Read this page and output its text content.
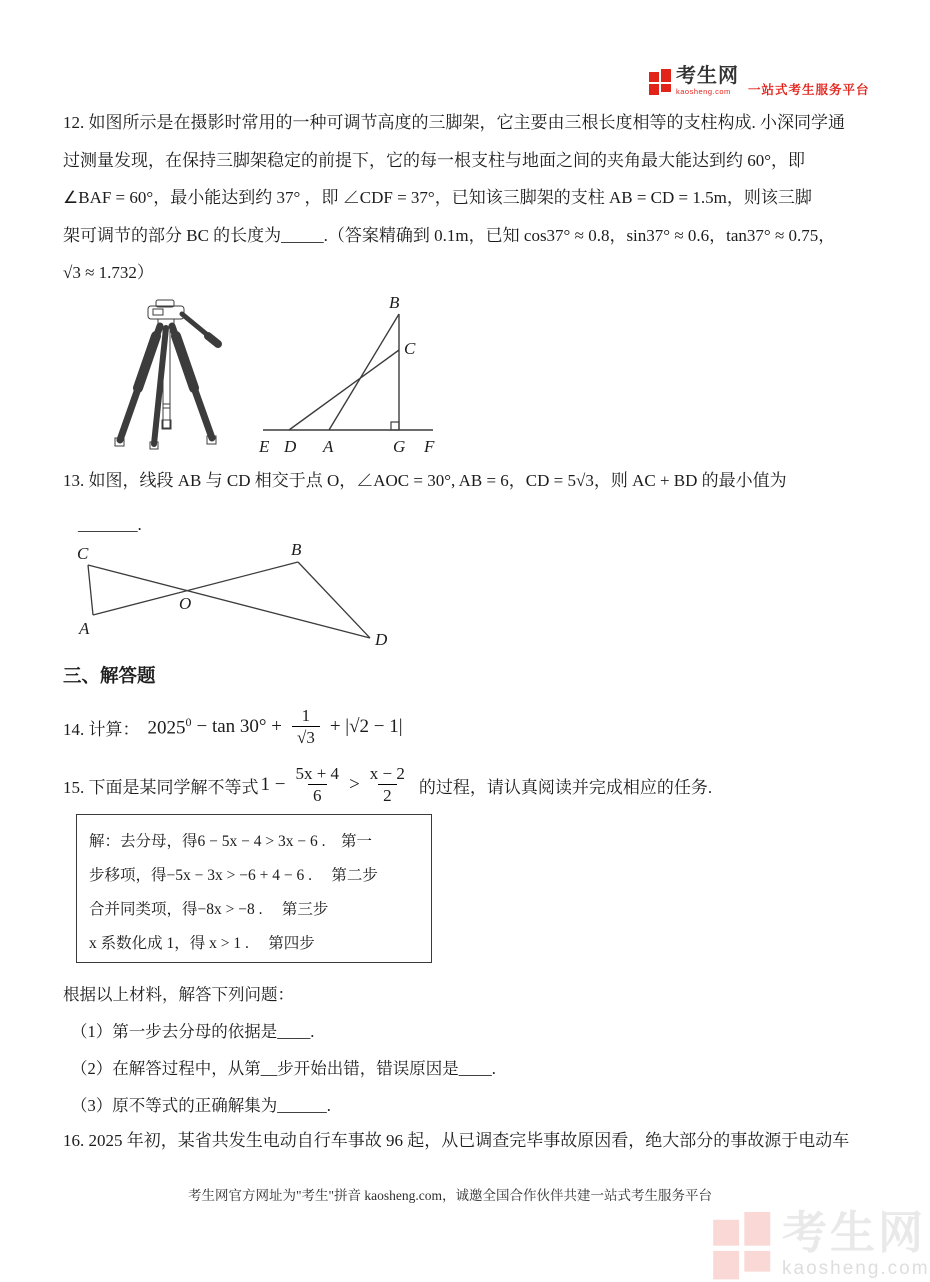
考生网
kaosheng.com	一站式考生服务平台
12. 如图所示是在摄影时常用的一种可调节高度的三脚架，它主要由三根长度相等的支柱构成. 小深同学通
过测量发现，在保持三脚架稳定的前提下，它的每一根支柱与地面之间的夹角最大能达到约 60°，即
∠BAF = 60°，最小能达到约 37° ，即 ∠CDF = 37°，已知该三脚架的支柱 AB = CD = 1.5m，则该三脚
架可调节的部分 BC 的长度为_____.（答案精确到 0.1m，已知 cos37° ≈ 0.8，sin37° ≈ 0.6，tan37° ≈ 0.75，
√3 ≈ 1.732）
B
C
E D A	G F
13. 如图，线段 AB 与 CD 相交于点 O，∠AOC = 30°, AB = 6，CD = 5√3，则 AC + BD 的最小值为
_______.
C
A
B
O
D
三、解答题
14. 计算： $2025^0 - \tan 30^\circ + \frac{1}{√3} + |√2 - 1|$
15. 下面是某同学解不等式 $1 - \frac{5x + 4}{6} > \frac{x - 2}{2}$ 的过程，请认真阅读并完成相应的任务.
解：去分母，得6 − 5x − 4 > 3x − 6 .　第一
步移项，得−5x − 3x > −6 + 4 − 6 .　 第二步
合并同类项，得−8x > −8 .　 第三步
x 系数化成 1，得 x > 1 .　 第四步
根据以上材料，解答下列问题：
（1）第一步去分母的依据是____.
（2）在解答过程中，从第__步开始出错，错误原因是____.
（3）原不等式的正确解集为______.
16. 2025 年初，某省共发生电动自行车事故 96 起，从已调查完毕事故原因看，绝大部分的事故源于电动车
考生网官方网址为"考生"拼音 kaosheng.com，诚邀全国合作伙伴共建一站式考生服务平台
考生网
kaosheng.com
